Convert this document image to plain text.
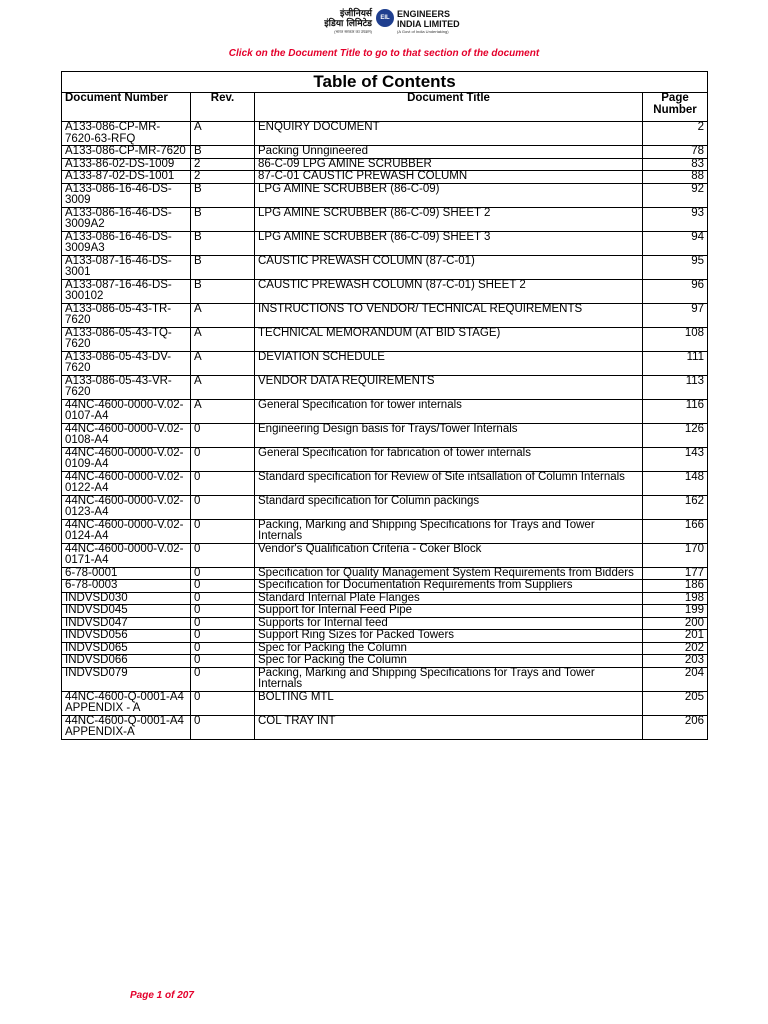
इंजीनियर्स
इंडिया लिमिटेड
(भारत सरकार का उपक्रम)
EIL ENGINEERS
INDIA LIMITED
(A Govt of India Undertaking)
Click on the Document Title to go to that section of the document
Table of Contents			
Document Number	Rev.	Document Title	Page Number
A133-086-CP-MR-7620-63-RFQ	A	ENQUIRY DOCUMENT	2
A133-086-CP-MR-7620	B	Packing Unngineered	78
A133-86-02-DS-1009	2	86-C-09 LPG AMINE SCRUBBER	83
A133-87-02-DS-1001	2	87-C-01 CAUSTIC PREWASH COLUMN	88
A133-086-16-46-DS-3009	B	LPG AMINE SCRUBBER (86-C-09)	92
A133-086-16-46-DS-3009A2	B	LPG AMINE SCRUBBER (86-C-09) SHEET 2	93
A133-086-16-46-DS-3009A3	B	LPG AMINE SCRUBBER (86-C-09) SHEET 3	94
A133-087-16-46-DS-3001	B	CAUSTIC PREWASH COLUMN (87-C-01)	95
A133-087-16-46-DS-300102	B	CAUSTIC PREWASH COLUMN (87-C-01) SHEET 2	96
A133-086-05-43-TR-7620	A	INSTRUCTIONS TO VENDOR/ TECHNICAL REQUIREMENTS	97
A133-086-05-43-TQ-7620	A	TECHNICAL MEMORANDUM (AT BID STAGE)	108
A133-086-05-43-DV-7620	A	DEVIATION SCHEDULE	111
A133-086-05-43-VR-7620	A	VENDOR DATA REQUIREMENTS	113
44NC-4600-0000-V.02-0107-A4	A	General Specification for tower internals	116
44NC-4600-0000-V.02-0108-A4	0	Engineering Design basis for Trays/Tower Internals	126
44NC-4600-0000-V.02-0109-A4	0	General Specification for fabrication of tower internals	143
44NC-4600-0000-V.02-0122-A4	0	Standard specification for Review of Site intsallation of Column Internals	148
44NC-4600-0000-V.02-0123-A4	0	Standard specification for Column packings	162
44NC-4600-0000-V.02-0124-A4	0	Packing, Marking and Shipping Specifications for Trays and Tower Internals	166
44NC-4600-0000-V.02-0171-A4	0	Vendor's Qualification Criteria - Coker Block	170
6-78-0001	0	Specification for Quality Management System Requirements from Bidders	177
6-78-0003	0	Specification for Documentation Requirements from Suppliers	186
INDVSD030	0	Standard Internal Plate Flanges	198
INDVSD045	0	Support for Internal Feed Pipe	199
INDVSD047	0	Supports for Internal feed	200
INDVSD056	0	Support Ring Sizes for Packed Towers	201
INDVSD065	0	Spec for Packing the Column	202
INDVSD066	0	Spec for Packing the Column	203
INDVSD079	0	Packing, Marking and Shipping Specifications for Trays and Tower Internals	204
44NC-4600-Q-0001-A4 APPENDIX - A	0	BOLTING MTL	205
44NC-4600-Q-0001-A4 APPENDIX-A	0	COL TRAY INT	206
Page 1 of 207
